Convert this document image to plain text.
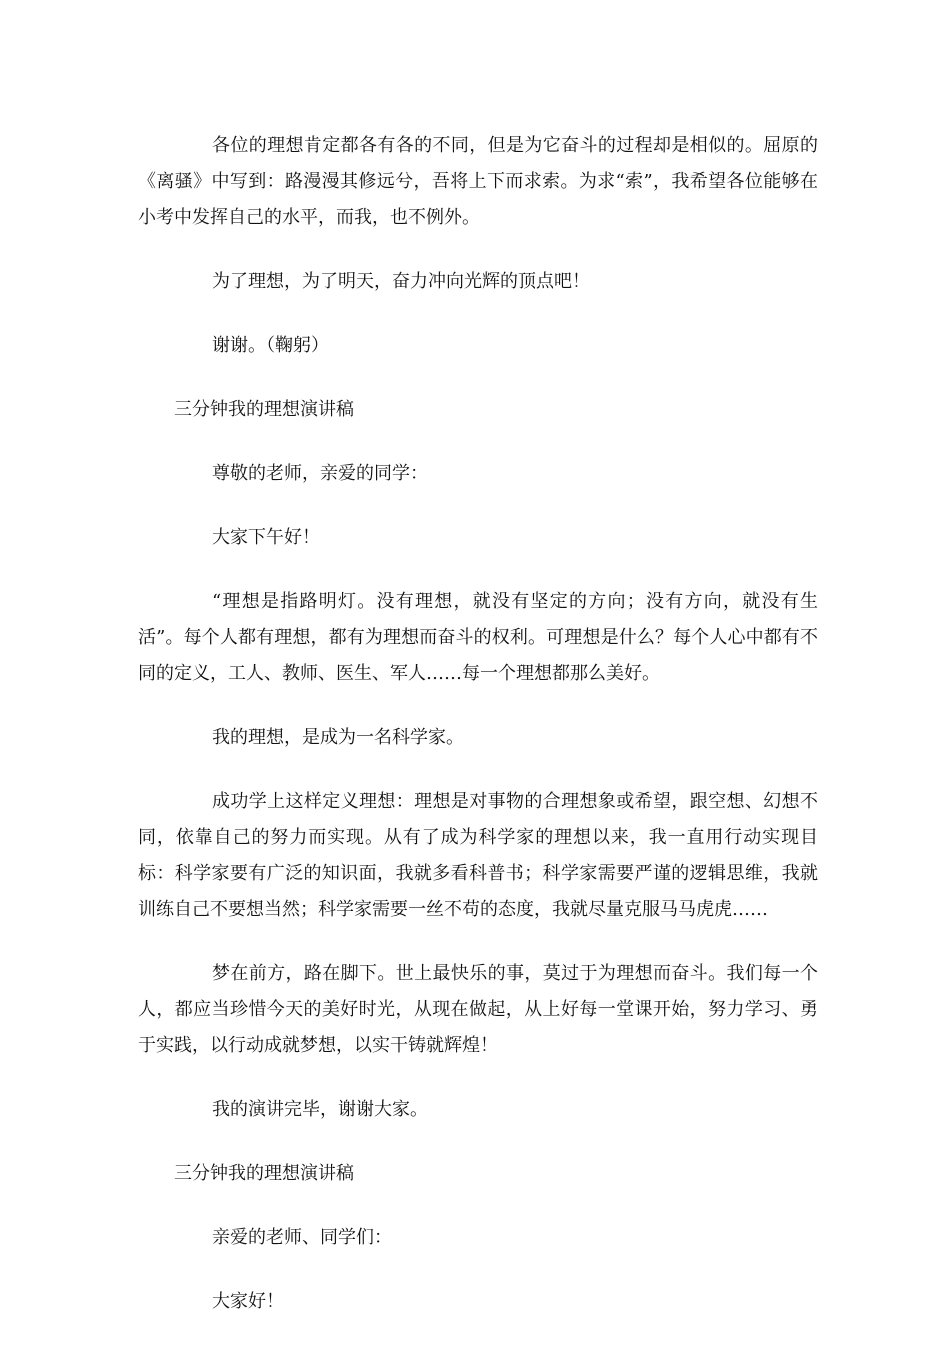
各位的理想肯定都各有各的不同，但是为它奋斗的过程却是相似的。屈原的《离骚》中写到：路漫漫其修远兮，吾将上下而求索。为求“索”，我希望各位能够在小考中发挥自己的水平，而我，也不例外。

为了理想，为了明天，奋力冲向光辉的顶点吧！

谢谢。（鞠躬）

三分钟我的理想演讲稿

尊敬的老师，亲爱的同学：

大家下午好！

“理想是指路明灯。没有理想，就没有坚定的方向；没有方向，就没有生活”。每个人都有理想，都有为理想而奋斗的权利。可理想是什么？每个人心中都有不同的定义，工人、教师、医生、军人……每一个理想都那么美好。

我的理想，是成为一名科学家。

成功学上这样定义理想：理想是对事物的合理想象或希望，跟空想、幻想不同，依靠自己的努力而实现。从有了成为科学家的理想以来，我一直用行动实现目标：科学家要有广泛的知识面，我就多看科普书；科学家需要严谨的逻辑思维，我就训练自己不要想当然；科学家需要一丝不苟的态度，我就尽量克服马马虎虎……

梦在前方，路在脚下。世上最快乐的事，莫过于为理想而奋斗。我们每一个人，都应当珍惜今天的美好时光，从现在做起，从上好每一堂课开始，努力学习、勇于实践，以行动成就梦想，以实干铸就辉煌！

我的演讲完毕，谢谢大家。

三分钟我的理想演讲稿

亲爱的老师、同学们：

大家好！
